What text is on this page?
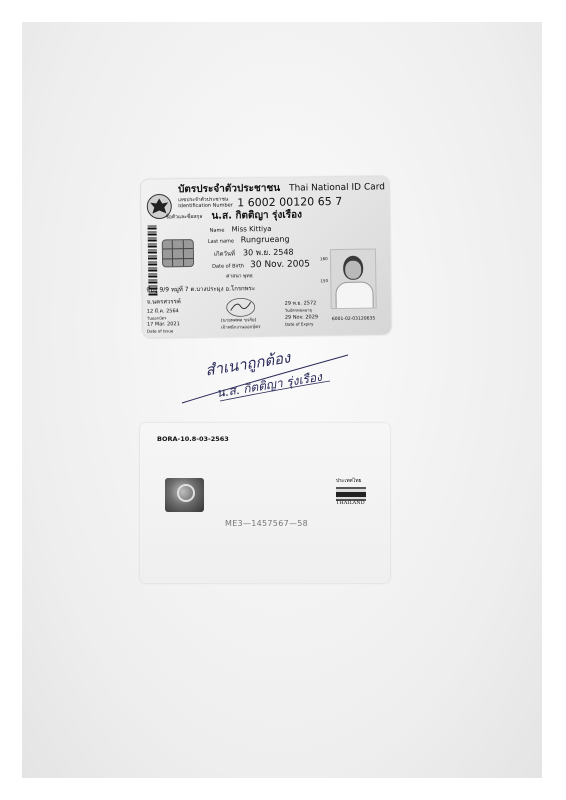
บัตรประจำตัวประชาชน Thai National ID Card
เลขประจำตัวประชาชน
Identification Number 1 6002 00120 65 7
ชื่อตัวและชื่อสกุล น.ส. กิตติญา รุ่งเรือง
Name Miss Kittiya
Last name Rungrueang
เกิดวันที่ 30 พ.ย. 2548
Date of Birth 30 Nov. 2005
ศาสนา พุทธ
160
150
ที่อยู่ 9/9 หมู่ที่ 7 ต.บางประมุง อ.โกรกพระ
จ.นครสวรรค์
12 มี.ค. 2564
วันออกบัตร
17 Mar. 2021
Date of Issue
(นายทศพล ขจรัย)
เจ้าพนักงานออกบัตร
29 พ.ย. 2572
วันบัตรหมดอายุ
29 Nov. 2029
Date of Expiry
6001-02-03120635
สำเนาถูกต้อง
น.ส. กิตติญา รุ่งเรือง
BORA-10.8-03-2563
ประเทศไทย
THAILAND
ME3—1457567—58
